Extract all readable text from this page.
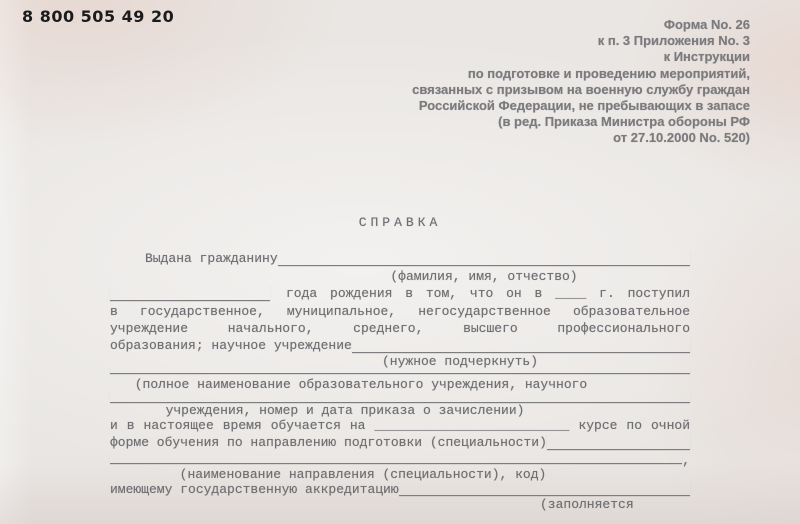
8 800 505 49 20	Форма No. 26
к п. 3 Приложения No. 3
к Инструкции
по подготовке и проведению мероприятий,
связанных с призывом на военную службу граждан
Российской Федерации, не пребывающих в запасе
(в ред. Приказа Министра обороны РФ
от 27.10.2000 No. 520)
СПРАВКА
Выдана гражданину
(фамилия, имя, отчество)
года рождения в том, что он в ____ г. поступил
в государственное, муниципальное, негосударственное образовательное
учреждение начального, среднего, высшего профессионального
образования; научное учреждение
(нужное подчеркнуть)
(полное наименование образовательного учреждения, научного
учреждения, номер и дата приказа о зачислении)
и в настоящее время обучается на _________________________ курсе по очной
форме обучения по направлению подготовки (специальности)
,
(наименование направления (специальности), код)
имеющему государственную аккредитацию
(заполняется
